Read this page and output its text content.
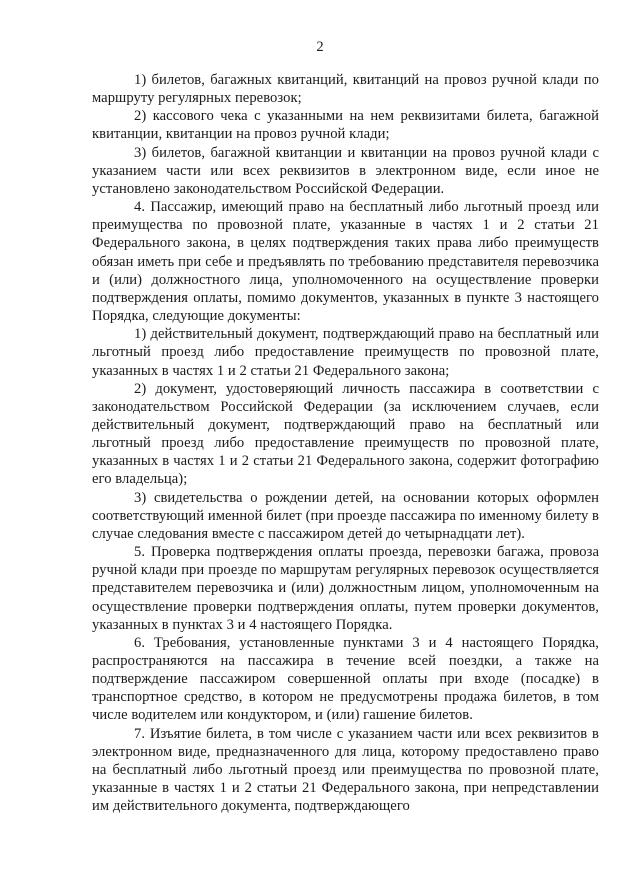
2

1) билетов, багажных квитанций, квитанций на провоз ручной клади по маршруту регулярных перевозок;

2) кассового чека с указанными на нем реквизитами билета, багажной квитанции, квитанции на провоз ручной клади;

3) билетов, багажной квитанции и квитанции на провоз ручной клади с указанием части или всех реквизитов в электронном виде, если иное не установлено законодательством Российской Федерации.

4. Пассажир, имеющий право на бесплатный либо льготный проезд или преимущества по провозной плате, указанные в частях 1 и 2 статьи 21 Федерального закона, в целях подтверждения таких права либо преимуществ обязан иметь при себе и предъявлять по требованию представителя перевозчика и (или) должностного лица, уполномоченного на осуществление проверки подтверждения оплаты, помимо документов, указанных в пункте 3 настоящего Порядка, следующие документы:

1) действительный документ, подтверждающий право на бесплатный или льготный проезд либо предоставление преимуществ по провозной плате, указанных в частях 1 и 2 статьи 21 Федерального закона;

2) документ, удостоверяющий личность пассажира в соответствии с законодательством Российской Федерации (за исключением случаев, если действительный документ, подтверждающий право на бесплатный или льготный проезд либо предоставление преимуществ по провозной плате, указанных в частях 1 и 2 статьи 21 Федерального закона, содержит фотографию его владельца);

3) свидетельства о рождении детей, на основании которых оформлен соответствующий именной билет (при проезде пассажира по именному билету в случае следования вместе с пассажиром детей до четырнадцати лет).

5. Проверка подтверждения оплаты проезда, перевозки багажа, провоза ручной клади при проезде по маршрутам регулярных перевозок осуществляется представителем перевозчика и (или) должностным лицом, уполномоченным на осуществление проверки подтверждения оплаты, путем проверки документов, указанных в пунктах 3 и 4 настоящего Порядка.

6. Требования, установленные пунктами 3 и 4 настоящего Порядка, распространяются на пассажира в течение всей поездки, а также на подтверждение пассажиром совершенной оплаты при входе (посадке) в транспортное средство, в котором не предусмотрены продажа билетов, в том числе водителем или кондуктором, и (или) гашение билетов.

7. Изъятие билета, в том числе с указанием части или всех реквизитов в электронном виде, предназначенного для лица, которому предоставлено право на бесплатный либо льготный проезд или преимущества по провозной плате, указанные в частях 1 и 2 статьи 21 Федерального закона, при непредставлении им действительного документа, подтверждающего
